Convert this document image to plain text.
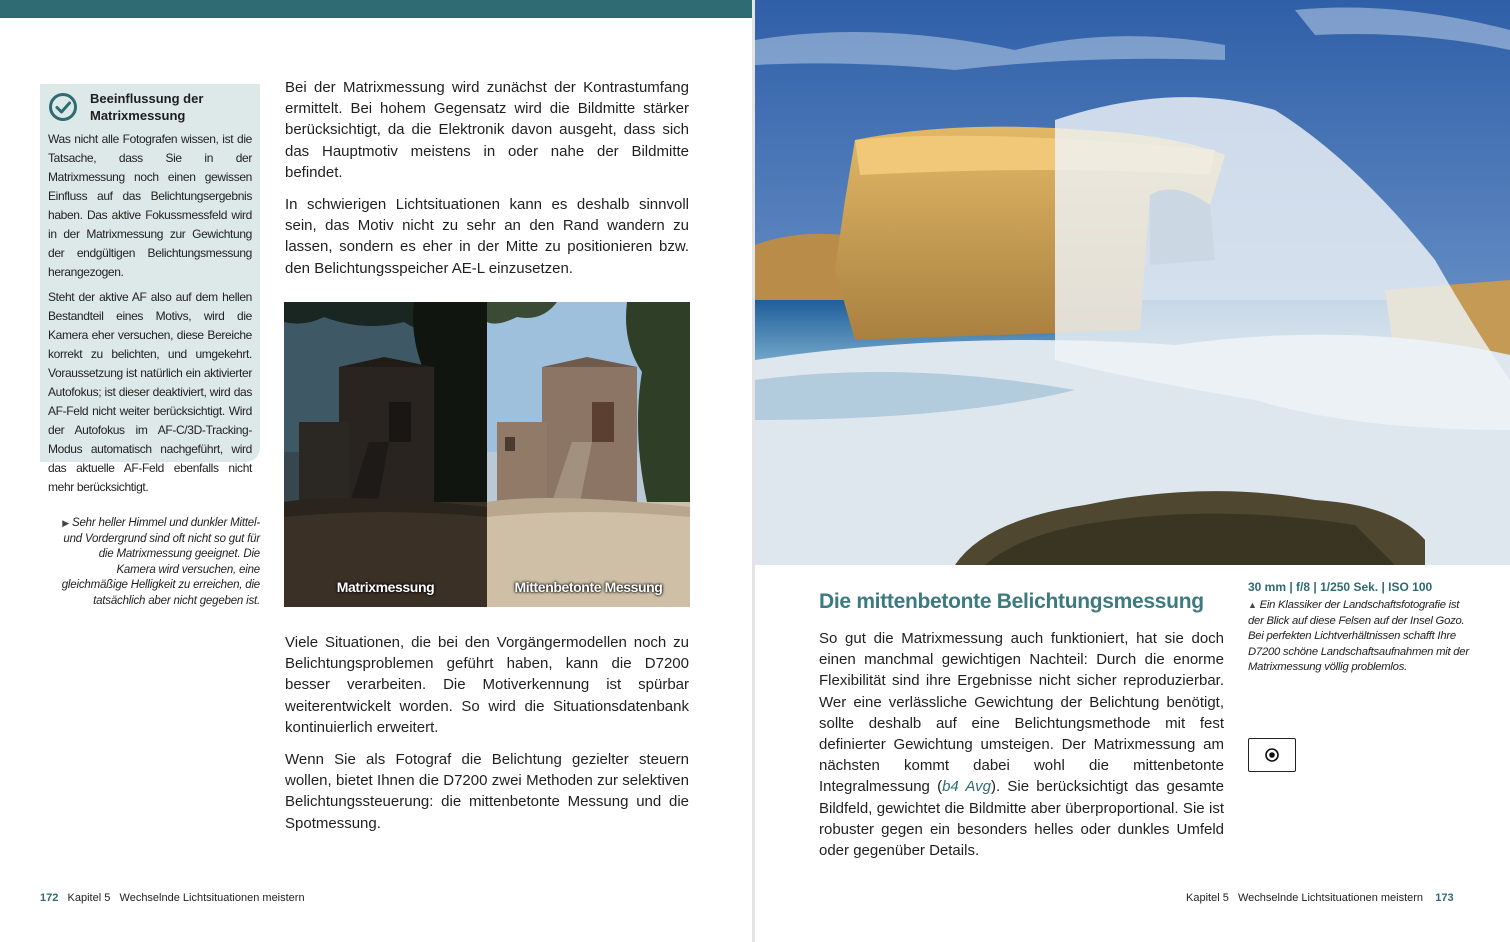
Beeinflussung der Matrixmessung

Was nicht alle Fotografen wissen, ist die Tatsache, dass Sie in der Matrixmessung noch einen gewissen Einfluss auf das Belichtungsergebnis haben. Das aktive Fokussmessfeld wird in der Matrixmessung zur Gewichtung der endgültigen Belichtungsmessung herangezogen.

Steht der aktive AF also auf dem hellen Bestandteil eines Motivs, wird die Kamera eher versuchen, diese Bereiche korrekt zu belichten, und umgekehrt. Voraussetzung ist natürlich ein aktivierter Autofokus; ist dieser deaktiviert, wird das AF-Feld nicht weiter berücksichtigt. Wird der Autofokus im AF-C/3D-Tracking-Modus automatisch nachgeführt, wird das aktuelle AF-Feld ebenfalls nicht mehr berücksichtigt.

▶ Sehr heller Himmel und dunkler Mittel- und Vordergrund sind oft nicht so gut für die Matrixmessung geeignet. Die Kamera wird versuchen, eine gleichmäßige Helligkeit zu erreichen, die tatsächlich aber nicht gegeben ist.

Bei der Matrixmessung wird zunächst der Kontrastumfang ermittelt. Bei hohem Gegensatz wird die Bildmitte stärker berücksichtigt, da die Elektronik davon ausgeht, dass sich das Hauptmotiv meistens in oder nahe der Bildmitte befindet.

In schwierigen Lichtsituationen kann es deshalb sinnvoll sein, das Motiv nicht zu sehr an den Rand wandern zu lassen, sondern es eher in der Mitte zu positionieren bzw. den Belichtungsspeicher AE-L einzusetzen.

Matrixmessung	Mittenbetonte Messung

Viele Situationen, die bei den Vorgängermodellen noch zu Belichtungsproblemen geführt haben, kann die D7200 besser verarbeiten. Die Motiverkennung ist spürbar weiterentwickelt worden. So wird die Situationsdatenbank kontinuierlich erweitert.

Wenn Sie als Fotograf die Belichtung gezielter steuern wollen, bietet Ihnen die D7200 zwei Methoden zur selektiven Belichtungssteuerung: die mittenbetonte Messung und die Spotmessung.

172 Kapitel 5 Wechselnde Lichtsituationen meistern
30 mm | f/8 | 1/250 Sek. | ISO 100
▲ Ein Klassiker der Landschaftsfotografie ist der Blick auf diese Felsen auf der Insel Gozo. Bei perfekten Lichtverhältnissen schafft Ihre D7200 schöne Landschaftsaufnahmen mit der Matrixmessung völlig problemlos.
Die mittenbetonte Belichtungsmessung

So gut die Matrixmessung auch funktioniert, hat sie doch einen manchmal gewichtigen Nachteil: Durch die enorme Flexibilität sind ihre Ergebnisse nicht sicher reproduzierbar. Wer eine verlässliche Gewichtung der Belichtung benötigt, sollte deshalb auf eine Belichtungsmethode mit fest definierter Gewichtung umsteigen. Der Matrixmessung am nächsten kommt dabei wohl die mittenbetonte Integralmessung (b4 Avg). Sie berücksichtigt das gesamte Bildfeld, gewichtet die Bildmitte aber überproportional. Sie ist robuster gegen ein besonders helles oder dunkles Umfeld oder gegenüber Details.

Kapitel 5 Wechselnde Lichtsituationen meistern 173
